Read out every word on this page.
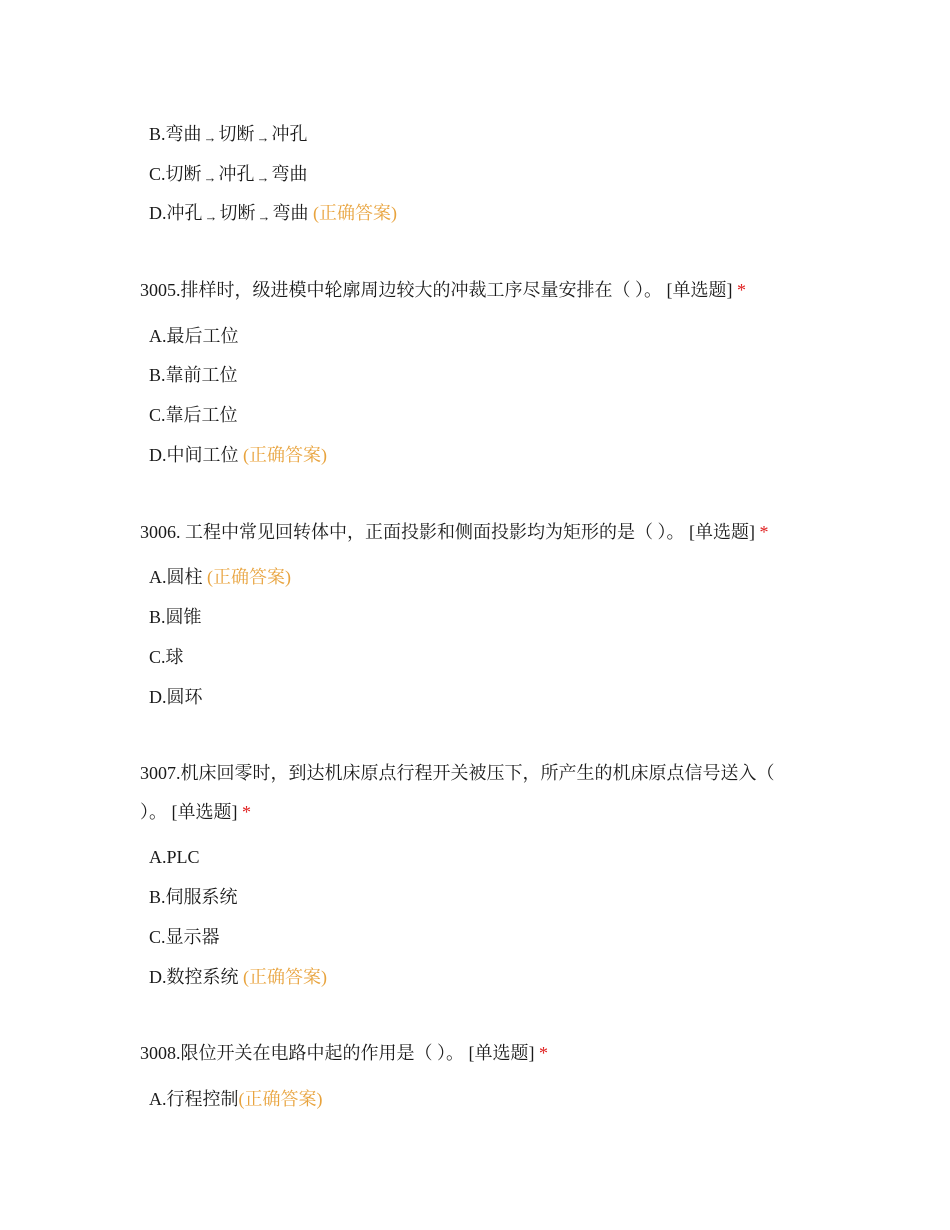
B.弯曲 → 切断 → 冲孔
C.切断 → 冲孔 → 弯曲
D.冲孔 → 切断 → 弯曲 (正确答案)
3005.排样时，级进模中轮廓周边较大的冲裁工序尽量安排在（ ）。 [单选题] *
A.最后工位
B.靠前工位
C.靠后工位
D.中间工位 (正确答案)
3006. 工程中常见回转体中，正面投影和侧面投影均为矩形的是（ ）。 [单选题] *
A.圆柱 (正确答案)
B.圆锥
C.球
D.圆环
3007.机床回零时，到达机床原点行程开关被压下，所产生的机床原点信号送入（
）。 [单选题] *
A.PLC
B.伺服系统
C.显示器
D.数控系统 (正确答案)
3008.限位开关在电路中起的作用是（ ）。 [单选题] *
A.行程控制(正确答案)
